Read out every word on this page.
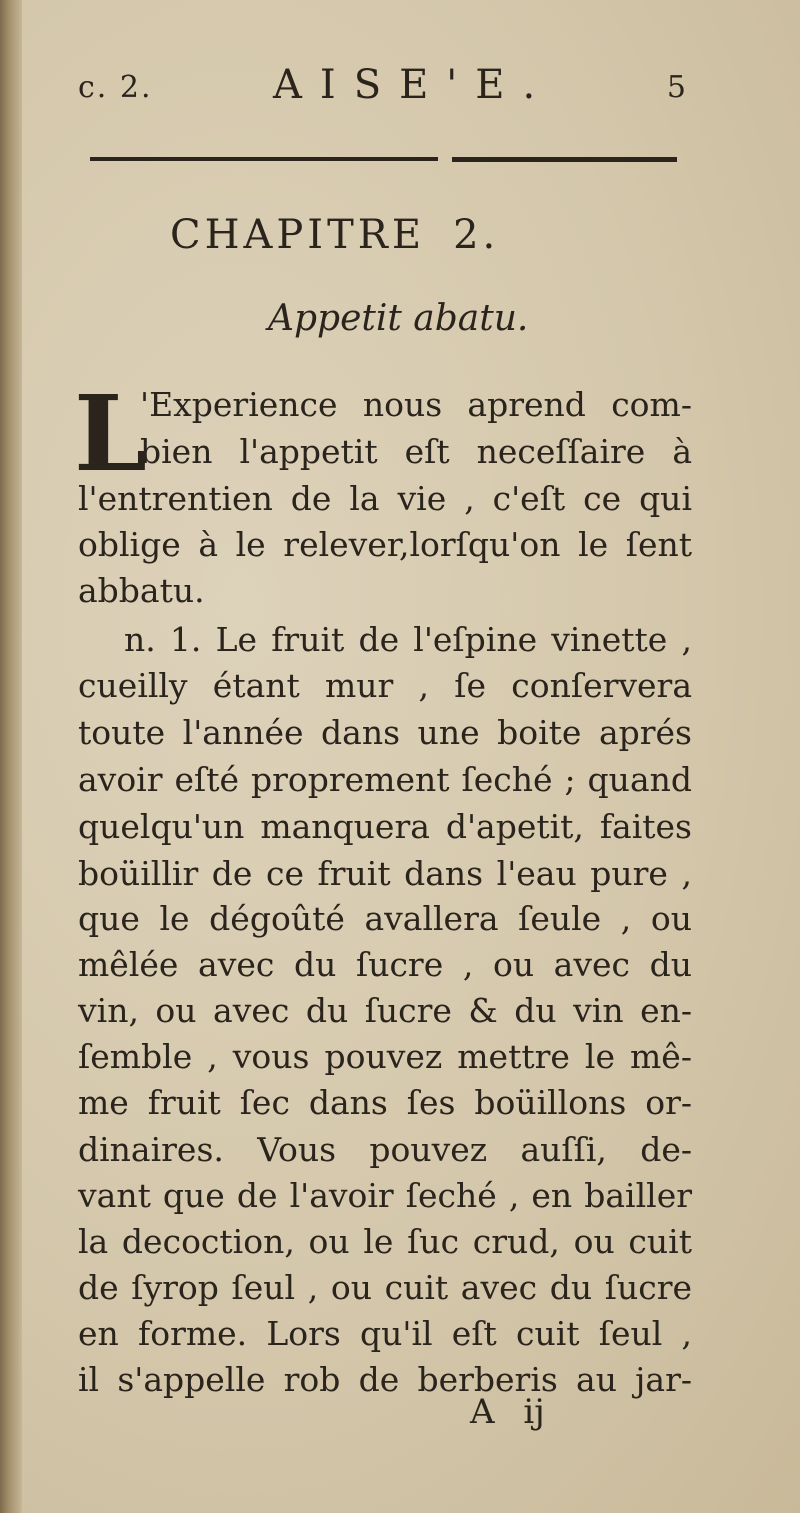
c. 2.	AISE'E.	5
CHAPITRE 2.
Appetit abatu.
L
'Experience nous aprend com-
bien l'appetit eſt neceſſaire à
l'entrentien de la vie , c'eſt ce qui
oblige à le relever,lorſqu'on le ſent
abbatu.
n. 1. Le fruit de l'eſpine vinette ,
cueilly étant mur , ſe conſervera
toute l'année dans une boite aprés
avoir eſté proprement ſeché ; quand
quelqu'un manquera d'apetit, faites
boüillir de ce fruit dans l'eau pure ,
que le dégoûté avallera ſeule , ou
mêlée avec du ſucre , ou avec du
vin, ou avec du ſucre & du vin en-
ſemble , vous pouvez mettre le mê-
me fruit ſec dans ſes boüillons or-
dinaires. Vous pouvez auſſi, de-
vant que de l'avoir ſeché , en bailler
la decoction, ou le ſuc crud, ou cuit
de ſyrop ſeul , ou cuit avec du ſucre
en forme. Lors qu'il eſt cuit ſeul ,
il s'appelle rob de berberis au jar-
A ij
